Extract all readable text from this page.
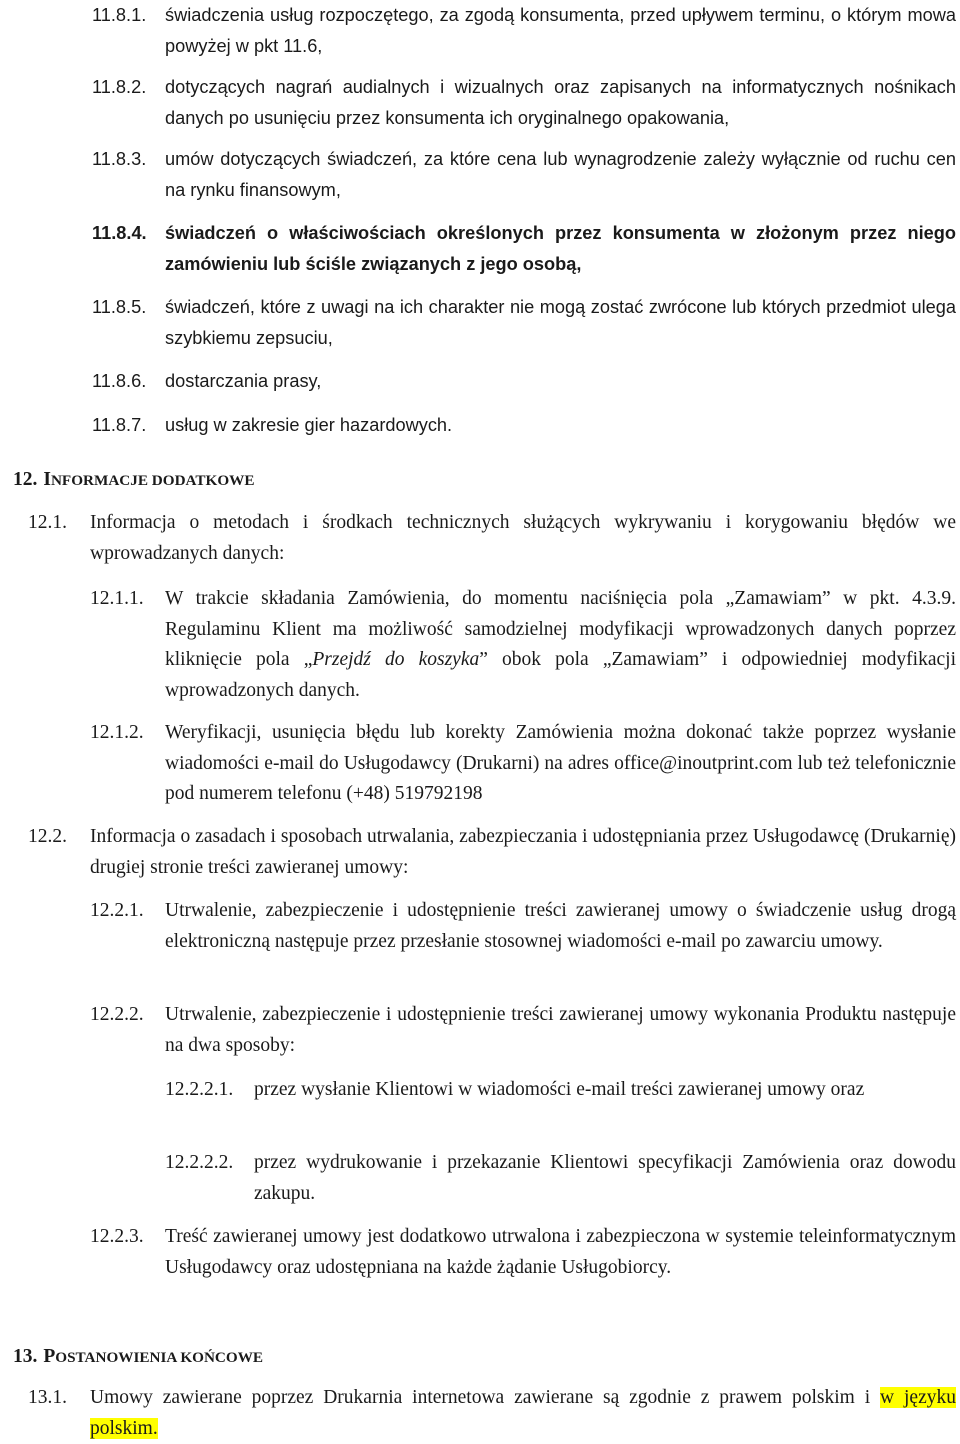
11.8.1. świadczenia usług rozpoczętego, za zgodą konsumenta, przed upływem terminu, o którym mowa powyżej w pkt 11.6,
11.8.2. dotyczących nagrań audialnych i wizualnych oraz zapisanych na informatycznych nośnikach danych po usunięciu przez konsumenta ich oryginalnego opakowania,
11.8.3. umów dotyczących świadczeń, za które cena lub wynagrodzenie zależy wyłącznie od ruchu cen na rynku finansowym,
11.8.4. świadczeń o właściwościach określonych przez konsumenta w złożonym przez niego zamówieniu lub ściśle związanych z jego osobą,
11.8.5. świadczeń, które z uwagi na ich charakter nie mogą zostać zwrócone lub których przedmiot ulega szybkiemu zepsuciu,
11.8.6. dostarczania prasy,
11.8.7. usług w zakresie gier hazardowych.
12. INFORMACJE DODATKOWE
12.1. Informacja o metodach i środkach technicznych służących wykrywaniu i korygowaniu błędów we wprowadzanych danych:
12.1.1. W trakcie składania Zamówienia, do momentu naciśnięcia pola „Zamawiam” w pkt. 4.3.9. Regulaminu Klient ma możliwość samodzielnej modyfikacji wprowadzonych danych poprzez kliknięcie pola „Przejdź do koszyka” obok pola „Zamawiam” i odpowiedniej modyfikacji wprowadzonych danych.
12.1.2. Weryfikacji, usunięcia błędu lub korekty Zamówienia można dokonać także poprzez wysłanie wiadomości e-mail do Usługodawcy (Drukarni) na adres office@inoutprint.com lub też telefonicznie pod numerem telefonu (+48) 519792198
12.2. Informacja o zasadach i sposobach utrwalania, zabezpieczania i udostępniania przez Usługodawcę (Drukarnię) drugiej stronie treści zawieranej umowy:
12.2.1. Utrwalenie, zabezpieczenie i udostępnienie treści zawieranej umowy o świadczenie usług drogą elektroniczną następuje przez przesłanie stosownej wiadomości e-mail po zawarciu umowy.
12.2.2. Utrwalenie, zabezpieczenie i udostępnienie treści zawieranej umowy wykonania Produktu następuje na dwa sposoby:
12.2.2.1. przez wysłanie Klientowi w wiadomości e-mail treści zawieranej umowy oraz
12.2.2.2. przez wydrukowanie i przekazanie Klientowi specyfikacji Zamówienia oraz dowodu zakupu.
12.2.3. Treść zawieranej umowy jest dodatkowo utrwalona i zabezpieczona w systemie teleinformatycznym Usługodawcy oraz udostępniana na każde żądanie Usługobiorcy.
13. POSTANOWIENIA KOŃCOWE
13.1. Umowy zawierane poprzez Drukarnia internetowa zawierane są zgodnie z prawem polskim i w języku polskim.
